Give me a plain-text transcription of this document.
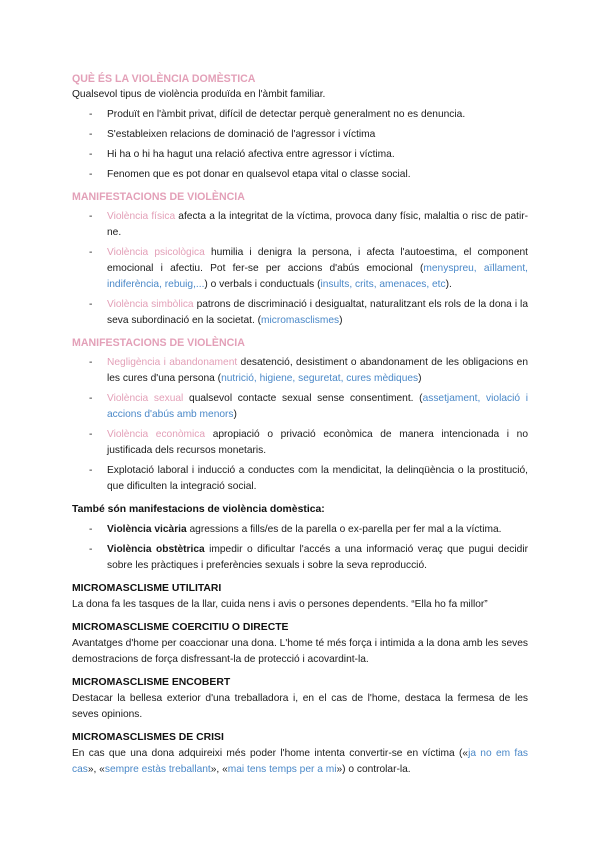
QUÈ ÉS LA VIOLÈNCIA DOMÈSTICA

Qualsevol tipus de violència produïda en l'àmbit familiar.

- Produït en l'àmbit privat, difícil de detectar perquè generalment no es denuncia.
- S'estableixen relacions de dominació de l'agressor i víctima
- Hi ha o hi ha hagut una relació afectiva entre agressor i víctima.
- Fenomen que es pot donar en qualsevol etapa vital o classe social.

MANIFESTACIONS DE VIOLÈNCIA

- Violència física afecta a la integritat de la víctima, provoca dany físic, malaltia o risc de patir-ne.
- Violència psicològica humilia i denigra la persona, i afecta l'autoestima, el component emocional i afectiu. Pot fer-se per accions d'abús emocional (menyspreu, aïllament, indiferència, rebuig,...) o verbals i conductuals (insults, crits, amenaces, etc).
- Violència simbòlica patrons de discriminació i desigualtat, naturalitzant els rols de la dona i la seva subordinació en la societat. (micromasclismes)

MANIFESTACIONS DE VIOLÈNCIA

- Negligència i abandonament desatenció, desistiment o abandonament de les obligacions en les cures d'una persona (nutrició, higiene, seguretat, cures mèdiques)
- Violència sexual qualsevol contacte sexual sense consentiment. (assetjament, violació i accions d'abús amb menors)
- Violència econòmica apropiació o privació econòmica de manera intencionada i no justificada dels recursos monetaris.
- Explotació laboral i inducció a conductes com la mendicitat, la delinqüència o la prostitució, que dificulten la integració social.

També són manifestacions de violència domèstica:

- Violència vicària agressions a fills/es de la parella o ex-parella per fer mal a la víctima.
- Violència obstètrica impedir o dificultar l'accés a una informació veraç que pugui decidir sobre les pràctiques i preferències sexuals i sobre la seva reproducció.

MICROMASCLISME UTILITARI

La dona fa les tasques de la llar, cuida nens i avis o persones dependents. “Ella ho fa millor”

MICROMASCLISME COERCITIU O DIRECTE

Avantatges d'home per coaccionar una dona. L'home té més força i intimida a la dona amb les seves demostracions de força disfressant-la de protecció i acovardint-la.

MICROMASCLISME ENCOBERT

Destacar la bellesa exterior d'una treballadora i, en el cas de l'home, destaca la fermesa de les seves opinions.

MICROMASCLISMES DE CRISI

En cas que una dona adquireixi més poder l'home intenta convertir-se en víctima («ja no em fas cas», «sempre estàs treballant», «mai tens temps per a mi») o controlar-la.
